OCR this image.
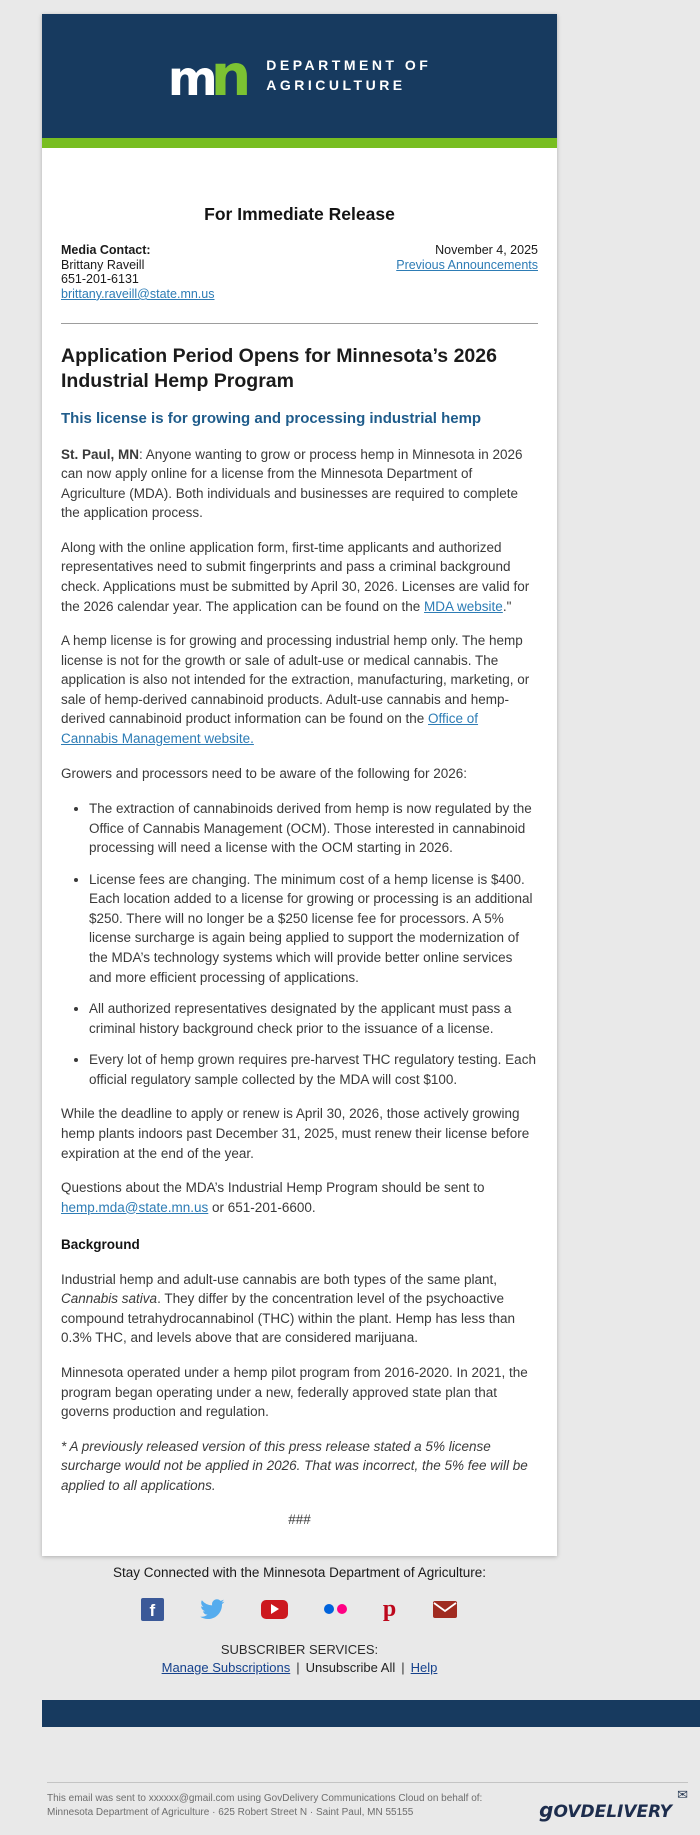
m
n DEPARTMENT OF
AGRICULTURE
For Immediate Release
Media Contact:
Brittany Raveill
651-201-6131
brittany.raveill@state.mn.us
November 4, 2025
Previous Announcements
Application Period Opens for Minnesota’s 2026 Industrial Hemp Program
This license is for growing and processing industrial hemp

St. Paul, MN: Anyone wanting to grow or process hemp in Minnesota in 2026 can now apply online for a license from the Minnesota Department of Agriculture (MDA). Both individuals and businesses are required to complete the application process.

Along with the online application form, first-time applicants and authorized representatives need to submit fingerprints and pass a criminal background check. Applications must be submitted by April 30, 2026. Licenses are valid for the 2026 calendar year. The application can be found on the MDA website."

A hemp license is for growing and processing industrial hemp only. The hemp license is not for the growth or sale of adult-use or medical cannabis. The application is also not intended for the extraction, manufacturing, marketing, or sale of hemp-derived cannabinoid products. Adult-use cannabis and hemp-derived cannabinoid product information can be found on the Office of Cannabis Management website.

Growers and processors need to be aware of the following for 2026:

• The extraction of cannabinoids derived from hemp is now regulated by the Office of Cannabis Management (OCM). Those interested in cannabinoid processing will need a license with the OCM starting in 2026.
• License fees are changing. The minimum cost of a hemp license is $400. Each location added to a license for growing or processing is an additional $250. There will no longer be a $250 license fee for processors. A 5% license surcharge is again being applied to support the modernization of the MDA’s technology systems which will provide better online services and more efficient processing of applications.
• All authorized representatives designated by the applicant must pass a criminal history background check prior to the issuance of a license.
• Every lot of hemp grown requires pre-harvest THC regulatory testing. Each official regulatory sample collected by the MDA will cost $100.

While the deadline to apply or renew is April 30, 2026, those actively growing hemp plants indoors past December 31, 2025, must renew their license before expiration at the end of the year.

Questions about the MDA’s Industrial Hemp Program should be sent to hemp.mda@state.mn.us or 651-201-6600.

Background

Industrial hemp and adult-use cannabis are both types of the same plant, Cannabis sativa. They differ by the concentration level of the psychoactive compound tetrahydrocannabinol (THC) within the plant. Hemp has less than 0.3% THC, and levels above that are considered marijuana.

Minnesota operated under a hemp pilot program from 2016-2020. In 2021, the program began operating under a new, federally approved state plan that governs production and regulation.

* A previously released version of this press release stated a 5% license surcharge would not be applied in 2026. That was incorrect, the 5% fee will be applied to all applications.

###

Stay Connected with the Minnesota Department of Agriculture:
f	p
SUBSCRIBER SERVICES:
Manage Subscriptions | Unsubscribe All | Help
This email was sent to xxxxxx@gmail.com using GovDelivery Communications Cloud on behalf of: Minnesota Department of Agriculture · 625 Robert Street N · Saint Paul, MN 55155	gOVDELIVERY
✉
